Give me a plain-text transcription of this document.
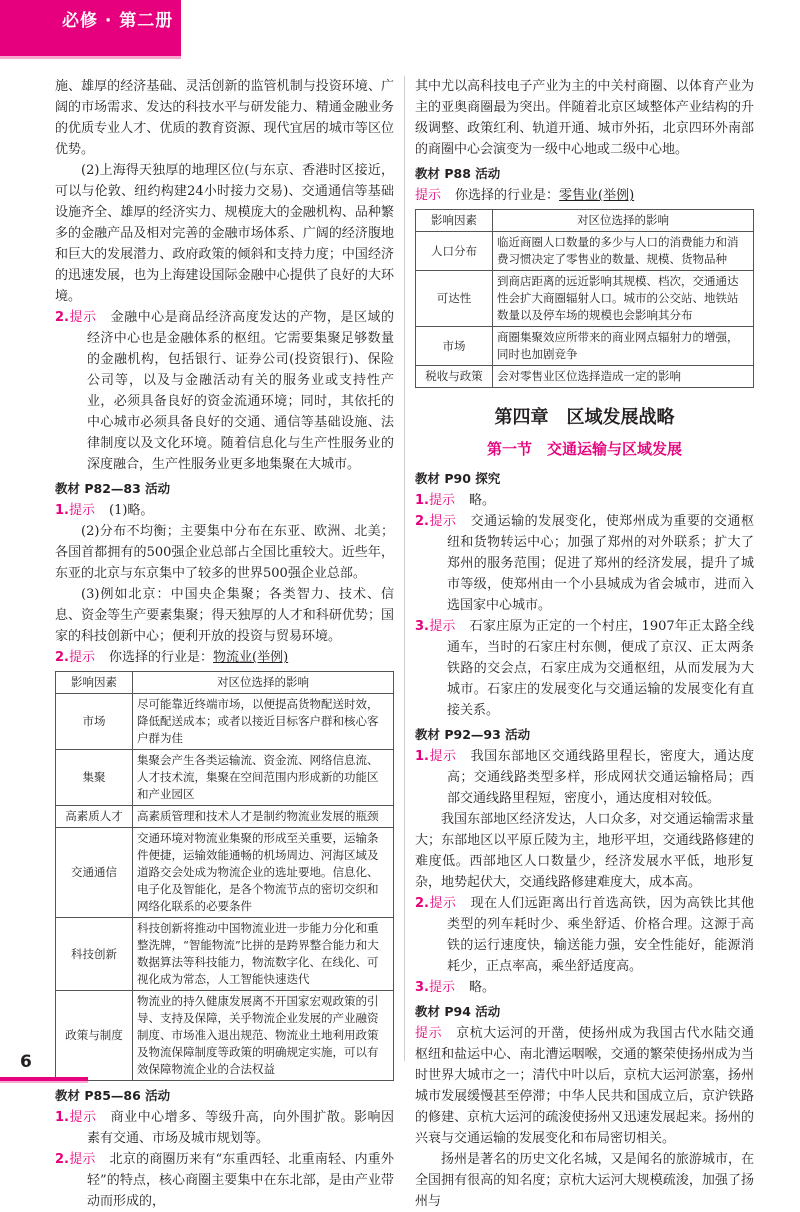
必修 · 第二册

施、雄厚的经济基础、灵活创新的监管机制与投资环境、广阔的市场需求、发达的科技水平与研发能力、精通金融业务的优质专业人才、优质的教育资源、现代宜居的城市等区位优势。

(2)上海得天独厚的地理区位(与东京、香港时区接近，可以与伦敦、纽约构建24小时接力交易)、交通通信等基础设施齐全、雄厚的经济实力、规模庞大的金融机构、品种繁多的金融产品及相对完善的金融市场体系、广阔的经济腹地和巨大的发展潜力、政府政策的倾斜和支持力度；中国经济的迅速发展，也为上海建设国际金融中心提供了良好的大环境。

2.提示 金融中心是商品经济高度发达的产物，是区域的经济中心也是金融体系的枢纽。它需要集聚足够数量的金融机构，包括银行、证券公司(投资银行)、保险公司等，以及与金融活动有关的服务业或支持性产业，必须具备良好的资金流通环境；同时，其依托的中心城市必须具备良好的交通、通信等基础设施、法律制度以及文化环境。随着信息化与生产性服务业的深度融合，生产性服务业更多地集聚在大城市。

教材 P82—83 活动

1.提示 (1)略。

(2)分布不均衡；主要集中分布在东亚、欧洲、北美；各国首都拥有的500强企业总部占全国比重较大。近些年，东亚的北京与东京集中了较多的世界500强企业总部。

(3)例如北京：中国央企集聚；各类智力、技术、信息、资金等生产要素集聚；得天独厚的人才和科研优势；国家的科技创新中心；便利开放的投资与贸易环境。

2.提示 你选择的行业是：物流业(举例)

影响因素	对区位选择的影响
市场	尽可能靠近终端市场，以便提高货物配送时效，降低配送成本；或者以接近目标客户群和核心客户群为佳
集聚	集聚会产生各类运输流、资金流、网络信息流、人才技术流，集聚在空间范围内形成新的功能区和产业园区
高素质人才	高素质管理和技术人才是制约物流业发展的瓶颈
交通通信	交通环境对物流业集聚的形成至关重要，运输条件便捷，运输效能通畅的机场周边、河海区域及道路交会处成为物流企业的选址要地。信息化、电子化及智能化，是各个物流节点的密切交织和网络化联系的必要条件
科技创新	科技创新将推动中国物流业进一步能力分化和重整洗牌，“智能物流”比拼的是跨界整合能力和大数据算法等科技能力，物流数字化、在线化、可视化成为常态，人工智能快速迭代
政策与制度	物流业的持久健康发展离不开国家宏观政策的引导、支持及保障，关乎物流企业发展的产业融资制度、市场准入退出规范、物流业土地利用政策及物流保障制度等政策的明确规定实施，可以有效保障物流企业的合法权益
教材 P85—86 活动

1.提示 商业中心增多、等级升高，向外围扩散。影响因素有交通、市场及城市规划等。

2.提示 北京的商圈历来有“东重西轻、北重南轻、内重外轻”的特点，核心商圈主要集中在东北部，是由产业带动而形成的，

其中尤以高科技电子产业为主的中关村商圈、以体育产业为主的亚奥商圈最为突出。伴随着北京区域整体产业结构的升级调整、政策红利、轨道开通、城市外拓，北京四环外南部的商圈中心会演变为一级中心地或二级中心地。

教材 P88 活动

提示 你选择的行业是：零售业(举例)

影响因素	对区位选择的影响
人口分布	临近商圈人口数量的多少与人口的消费能力和消费习惯决定了零售业的数量、规模、货物品种
可达性	到商店距离的远近影响其规模、档次，交通通达性会扩大商圈辐射人口。城市的公交站、地铁站数量以及停车场的规模也会影响其分布
市场	商圈集聚效应所带来的商业网点辐射力的增强，同时也加剧竞争
税收与政策	会对零售业区位选择造成一定的影响
第四章　区域发展战略
第一节　交通运输与区域发展
教材 P90 探究

1.提示 略。

2.提示 交通运输的发展变化，使郑州成为重要的交通枢纽和货物转运中心；加强了郑州的对外联系；扩大了郑州的服务范围；促进了郑州的经济发展，提升了城市等级，使郑州由一个小县城成为省会城市，进而入选国家中心城市。

3.提示 石家庄原为正定的一个村庄，1907年正太路全线通车，当时的石家庄村东侧，便成了京汉、正太两条铁路的交会点，石家庄成为交通枢纽，从而发展为大城市。石家庄的发展变化与交通运输的发展变化有直接关系。

教材 P92—93 活动

1.提示 我国东部地区交通线路里程长，密度大，通达度高；交通线路类型多样，形成网状交通运输格局；西部交通线路里程短，密度小，通达度相对较低。

我国东部地区经济发达，人口众多，对交通运输需求量大；东部地区以平原丘陵为主，地形平坦，交通线路修建的难度低。西部地区人口数量少，经济发展水平低，地形复杂，地势起伏大，交通线路修建难度大，成本高。

2.提示 现在人们远距离出行首选高铁，因为高铁比其他类型的列车耗时少、乘坐舒适、价格合理。这源于高铁的运行速度快，输送能力强，安全性能好，能源消耗少，正点率高，乘坐舒适度高。

3.提示 略。

教材 P94 活动

提示 京杭大运河的开凿，使扬州成为我国古代水陆交通枢纽和盐运中心、南北漕运咽喉，交通的繁荣使扬州成为当时世界大城市之一；清代中叶以后，京杭大运河淤塞，扬州城市发展缓慢甚至停滞；中华人民共和国成立后，京沪铁路的修建、京杭大运河的疏浚使扬州又迅速发展起来。扬州的兴衰与交通运输的发展变化和布局密切相关。

扬州是著名的历史文化名城，又是闻名的旅游城市，在全国拥有很高的知名度；京杭大运河大规模疏浚，加强了扬州与

6
